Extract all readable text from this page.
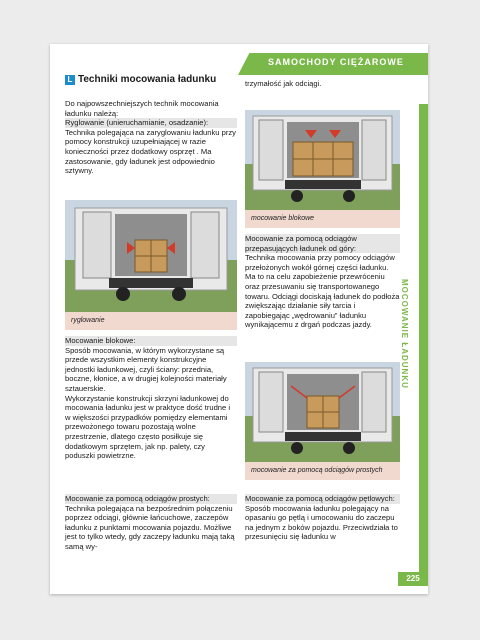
SAMOCHODY CIĘŻAROWE
MOCOWANIE ŁADUNKU
L Techniki mocowania ładunku

Do najpowszechniejszych technik mocowania ładunku należą:

Ryglowanie (unieruchamianie, osadzanie):

Technika polegająca na zaryglowaniu ładunku przy pomocy konstrukcji uzupełniającej w razie konieczności przez dodatkowy osprzęt . Ma zastosowanie, gdy ładunek jest odpowiednio sztywny.

ryglowanie

Mocowanie blokowe:

Sposób mocowania, w którym wykorzystane są przede wszystkim elementy konstrukcyjne jednostki ładunkowej, czyli ściany: przednia, boczne, kłonice, a w drugiej kolejności materiały sztauerskie.

Wykorzystanie konstrukcji skrzyni ładunkowej do mocowania ładunku jest w praktyce dość trudne i w większości przypadków pomiędzy elementami przewożonego towaru pozostają wolne przestrzenie, dlatego często posiłkuje się dodatkowym sprzętem, jak np. palety, czy poduszki powietrzne.

Mocowanie za pomocą odciągów prostych:

Technika polegająca na bezpośrednim połączeniu poprzez odciągi, głównie łańcuchowe, zaczepów ładunku z punktami mocowania pojazdu. Możliwe jest to tylko wtedy, gdy zaczepy ładunku mają taką samą wy-

trzymałość jak odciągi.

mocowanie blokowe

Mocowanie za pomocą odciągów przepasujących ładunek od góry:

Technika mocowania przy pomocy odciągów przełożonych wokół górnej części ładunku. Ma to na celu zapobieżenie przewróceniu oraz przesuwaniu się transportowanego towaru. Odciągi dociskają ładunek do podłoża zwiększając działanie siły tarcia i zapobiegając „wędrowaniu” ładunku wynikającemu z drgań podczas jazdy.

mocowanie za pomocą odciągów prostych

Mocowanie za pomocą odciągów pętlowych:

Sposób mocowania ładunku polegający na opasaniu go pętlą i umocowaniu do zaczepu na jednym z boków pojazdu. Przeciwdziała to przesunięciu się ładunku w

225
